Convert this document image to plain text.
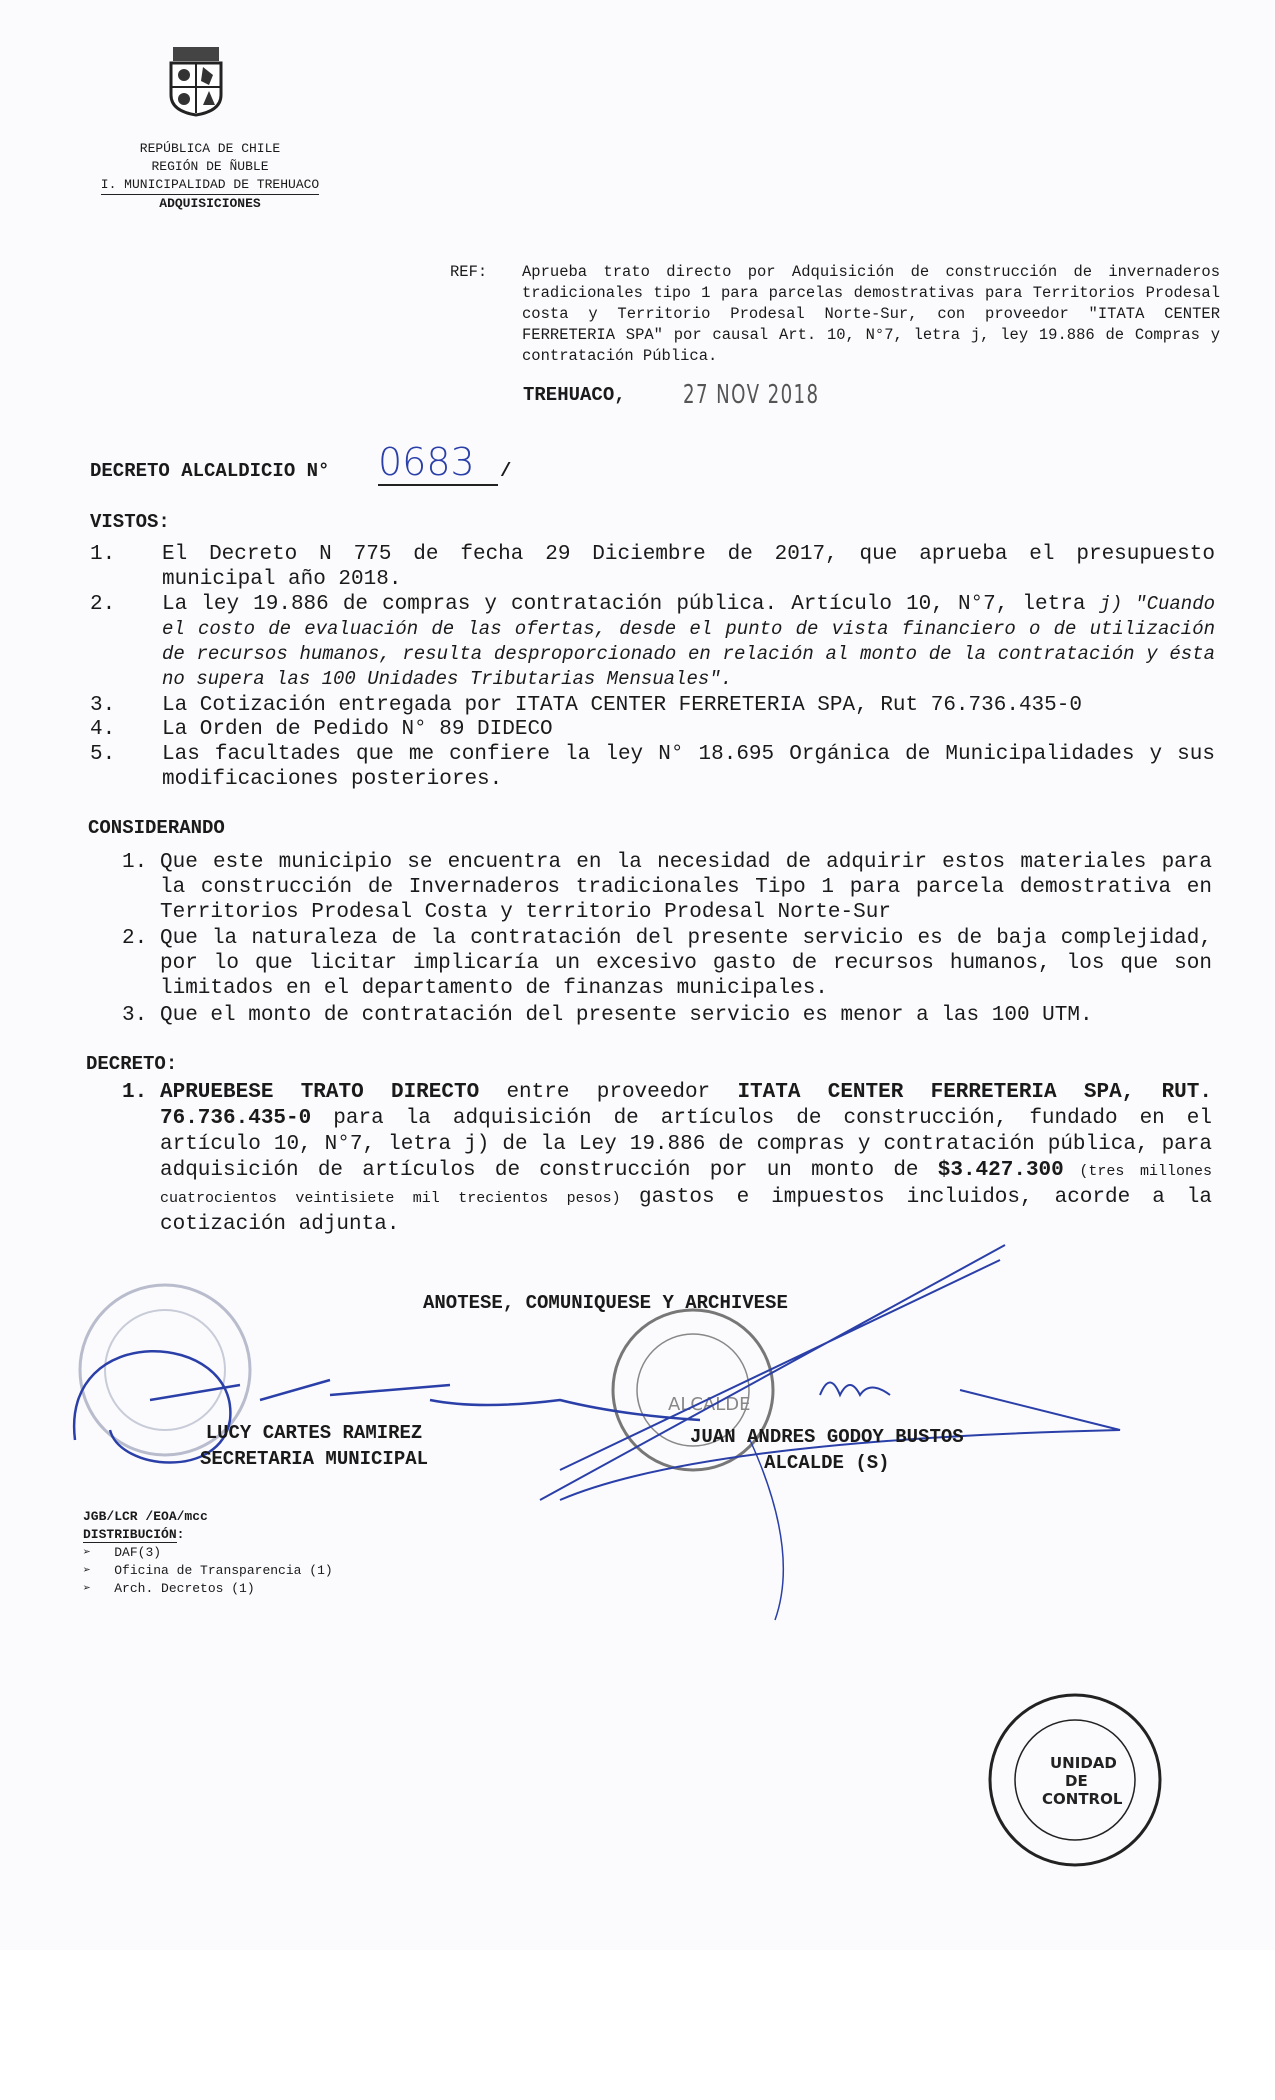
REPÚBLICA DE CHILE
REGIÓN DE ÑUBLE
I. MUNICIPALIDAD DE TREHUACO
ADQUISICIONES
REF: Aprueba trato directo por Adquisición de construcción de invernaderos tradicionales tipo 1 para parcelas demostrativas para Territorios Prodesal costa y Territorio Prodesal Norte-Sur, con proveedor "ITATA CENTER FERRETERIA SPA" por causal Art. 10, N°7, letra j, ley 19.886 de Compras y contratación Pública.
TREHUACO, 27 NOV 2018
DECRETO ALCALDICIO N° 0683	/
VISTOS:
1. El Decreto N 775 de fecha 29 Diciembre de 2017, que aprueba el presupuesto municipal año 2018.
2. La ley 19.886 de compras y contratación pública. Artículo 10, N°7, letra j) "Cuando el costo de evaluación de las ofertas, desde el punto de vista financiero o de utilización de recursos humanos, resulta desproporcionado en relación al monto de la contratación y ésta no supera las 100 Unidades Tributarias Mensuales".
3. La Cotización entregada por ITATA CENTER FERRETERIA SPA, Rut 76.736.435-0
4. La Orden de Pedido N° 89 DIDECO
5. Las facultades que me confiere la ley N° 18.695 Orgánica de Municipalidades y sus modificaciones posteriores.
CONSIDERANDO
1. Que este municipio se encuentra en la necesidad de adquirir estos materiales para la construcción de Invernaderos tradicionales Tipo 1 para parcela demostrativa en Territorios Prodesal Costa y territorio Prodesal Norte-Sur
2. Que la naturaleza de la contratación del presente servicio es de baja complejidad, por lo que licitar implicaría un excesivo gasto de recursos humanos, los que son limitados en el departamento de finanzas municipales.
3. Que el monto de contratación del presente servicio es menor a las 100 UTM.
DECRETO:
1. APRUEBESE TRATO DIRECTO entre proveedor ITATA CENTER FERRETERIA SPA, RUT. 76.736.435-0 para la adquisición de artículos de construcción, fundado en el artículo 10, N°7, letra j) de la Ley 19.886 de compras y contratación pública, para adquisición de artículos de construcción por un monto de $3.427.300 (tres millones cuatrocientos veintisiete mil trecientos pesos) gastos e impuestos incluidos, acorde a la cotización adjunta.
ANOTESE, COMUNIQUESE Y ARCHIVESE
ALCALDE
UNIDAD
DE
CONTROL
LUCY CARTES RAMIREZ
SECRETARIA MUNICIPAL
JUAN ANDRES GODOY BUSTOS
ALCALDE (S)
JGB/LCR /EOA/mcc
DISTRIBUCIÓN:
➢ DAF(3)
➢ Oficina de Transparencia (1)
➢ Arch. Decretos (1)
